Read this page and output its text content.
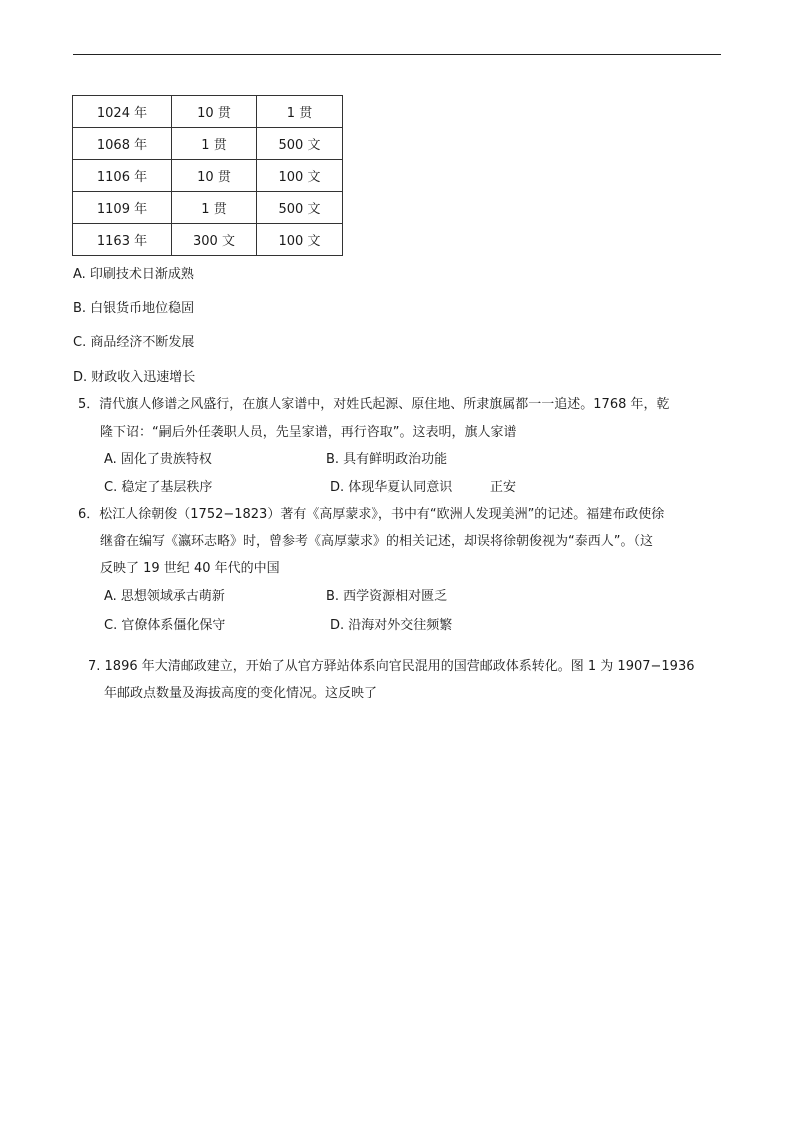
1024 年	10 贯	1 贯
1068 年	1 贯	500 文
1106 年	10 贯	100 文
1109 年	1 贯	500 文
1163 年	300 文	100 文
A. 印刷技术日渐成熟
B. 白银货币地位稳固
C. 商品经济不断发展
D. 财政收入迅速增长
5．清代旗人修谱之风盛行，在旗人家谱中，对姓氏起源、原住地、所隶旗属都一一追述。1768 年，乾
隆下诏：“嗣后外任袭职人员，先呈家谱，再行咨取”。这表明，旗人家谱
A. 固化了贵族特权	B. 具有鲜明政治功能
C. 稳定了基层秩序	D. 体现华夏认同意识	正安
6．松江人徐朝俊（1752−1823）著有《高厚蒙求》，书中有“欧洲人发现美洲”的记述。福建布政使徐
继畲在编写《瀛环志略》时，曾参考《高厚蒙求》的相关记述，却误将徐朝俊视为“泰西人”。（这
反映了 19 世纪 40 年代的中国
A. 思想领域承古萌新	B. 西学资源相对匮乏
C. 官僚体系僵化保守	D. 沿海对外交往频繁
7. 1896 年大清邮政建立，开始了从官方驿站体系向官民混用的国营邮政体系转化。图 1 为 1907−1936
年邮政点数量及海拔高度的变化情况。这反映了
